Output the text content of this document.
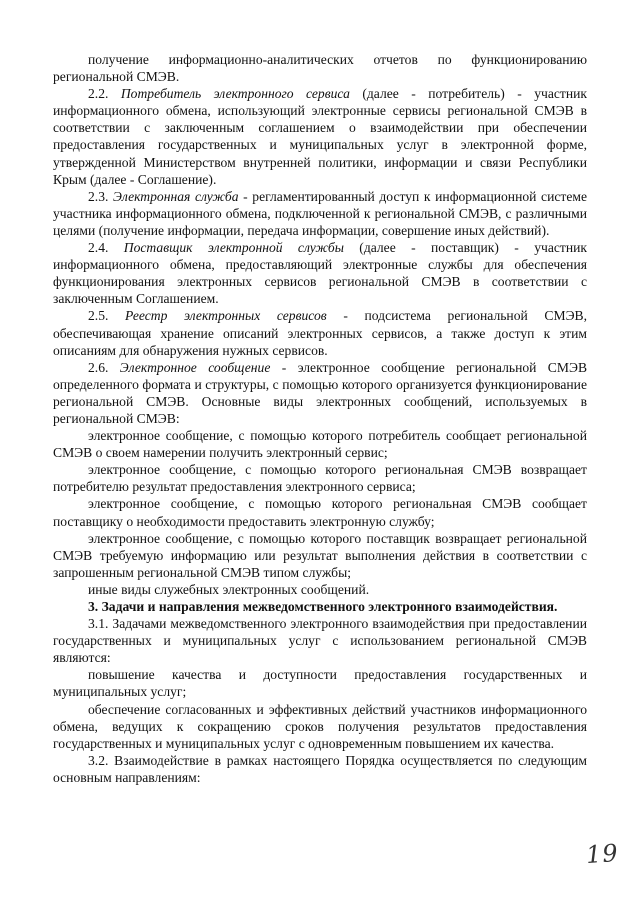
получение информационно-аналитических отчетов по функционированию региональной СМЭВ.

2.2. Потребитель электронного сервиса (далее - потребитель) - участник информационного обмена, использующий электронные сервисы региональной СМЭВ в соответствии с заключенным соглашением о взаимодействии при обеспечении предоставления государственных и муниципальных услуг в электронной форме, утвержденной Министерством внутренней политики, информации и связи Республики Крым (далее - Соглашение).

2.3. Электронная служба - регламентированный доступ к информационной системе участника информационного обмена, подключенной к региональной СМЭВ, с различными целями (получение информации, передача информации, совершение иных действий).

2.4. Поставщик электронной службы (далее - поставщик) - участник информационного обмена, предоставляющий электронные службы для обеспечения функционирования электронных сервисов региональной СМЭВ в соответствии с заключенным Соглашением.

2.5. Реестр электронных сервисов - подсистема региональной СМЭВ, обеспечивающая хранение описаний электронных сервисов, а также доступ к этим описаниям для обнаружения нужных сервисов.

2.6. Электронное сообщение - электронное сообщение региональной СМЭВ определенного формата и структуры, с помощью которого организуется функционирование региональной СМЭВ. Основные виды электронных сообщений, используемых в региональной СМЭВ:

электронное сообщение, с помощью которого потребитель сообщает региональной СМЭВ о своем намерении получить электронный сервис;

электронное сообщение, с помощью которого региональная СМЭВ возвращает потребителю результат предоставления электронного сервиса;

электронное сообщение, с помощью которого региональная СМЭВ сообщает поставщику о необходимости предоставить электронную службу;

электронное сообщение, с помощью которого поставщик возвращает региональной СМЭВ требуемую информацию или результат выполнения действия в соответствии с запрошенным региональной СМЭВ типом службы;

иные виды служебных электронных сообщений.

3. Задачи и направления межведомственного электронного взаимодействия.

3.1. Задачами межведомственного электронного взаимодействия при предоставлении государственных и муниципальных услуг с использованием региональной СМЭВ являются:

повышение качества и доступности предоставления государственных и муниципальных услуг;

обеспечение согласованных и эффективных действий участников информационного обмена, ведущих к сокращению сроков получения результатов предоставления государственных и муниципальных услуг с одновременным повышением их качества.

3.2. Взаимодействие в рамках настоящего Порядка осуществляется по следующим основным направлениям:

19
